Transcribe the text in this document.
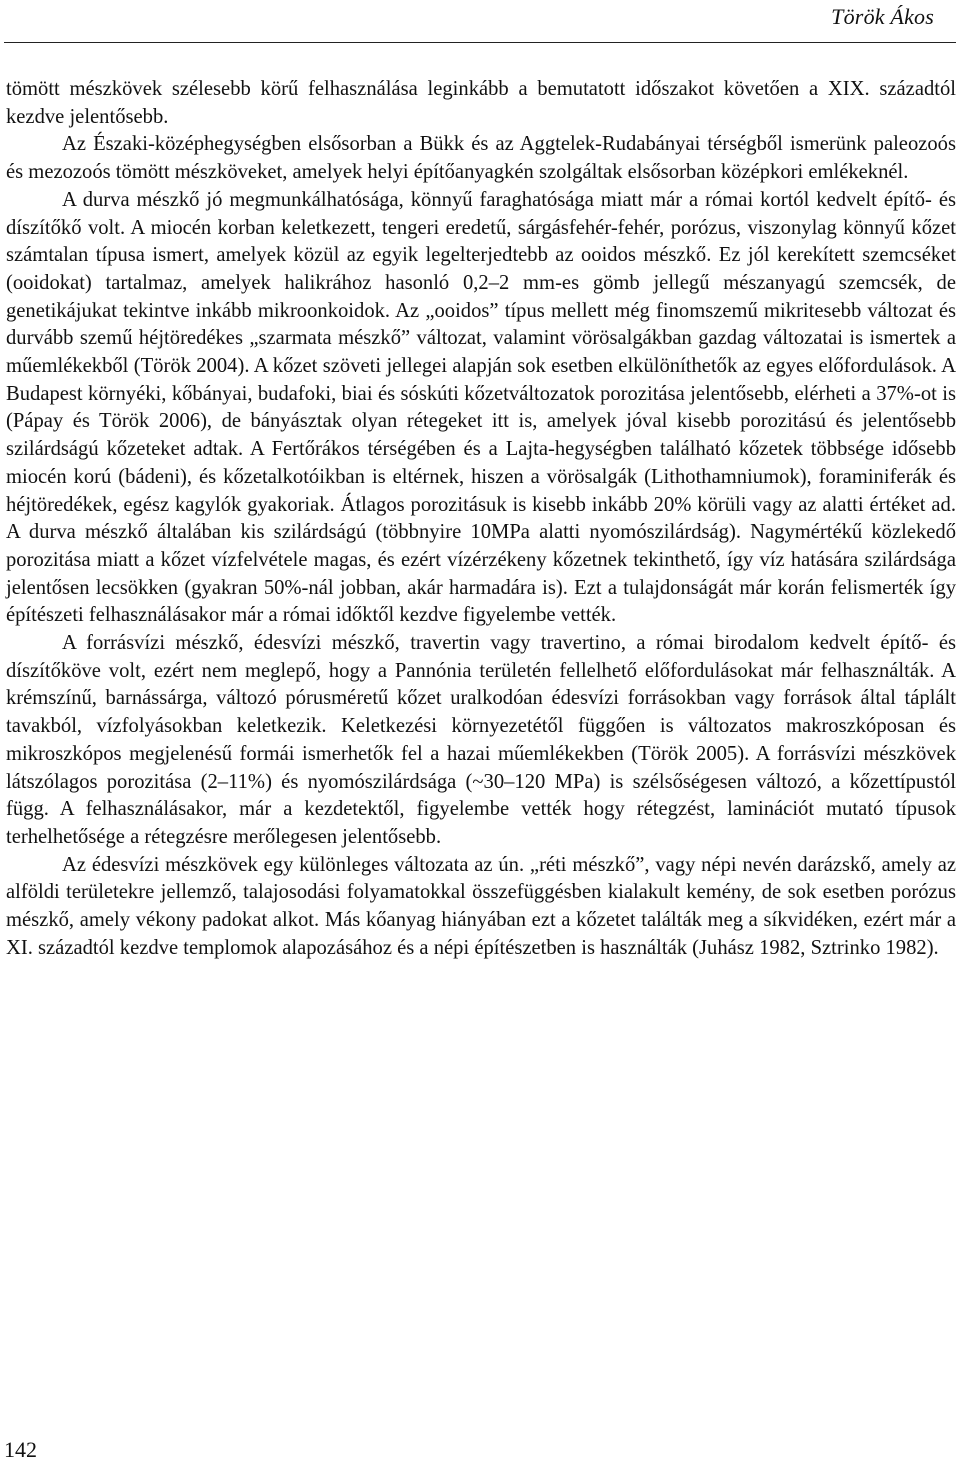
Török Ákos

tömött mészkövek szélesebb körű felhasználása leginkább a bemutatott időszakot követően a XIX. századtól kezdve jelentősebb.

Az Északi-középhegységben elsősorban a Bükk és az Aggtelek-Rudabányai térségből ismerünk paleozoós és mezozoós tömött mészköveket, amelyek helyi építőanyagkén szolgáltak elsősorban középkori emlékeknél.

A durva mészkő jó megmunkálhatósága, könnyű faraghatósága miatt már a római kortól kedvelt építő- és díszítőkő volt. A miocén korban keletkezett, tengeri eredetű, sárgásfehér-fehér, porózus, viszonylag könnyű kőzet számtalan típusa ismert, amelyek közül az egyik legelterjedtebb az ooidos mészkő. Ez jól kerekített szemcséket (ooidokat) tartalmaz, amelyek halikrához hasonló 0,2–2 mm-es gömb jellegű mészanyagú szemcsék, de genetikájukat tekintve inkább mikroonkoidok. Az „ooidos” típus mellett még finomszemű mikritesebb változat és durvább szemű héjtöredékes „szarmata mészkő” változat, valamint vörösalgákban gazdag változatai is ismertek a műemlékekből (Török 2004). A kőzet szöveti jellegei alapján sok esetben elkülöníthetők az egyes előfordulások. A Budapest környéki, kőbányai, budafoki, biai és sóskúti kőzetváltozatok porozitása jelentősebb, elérheti a 37%-ot is (Pápay és Török 2006), de bányásztak olyan rétegeket itt is, amelyek jóval kisebb porozitású és jelentősebb szilárdságú kőzeteket adtak. A Fertőrákos térségében és a Lajta-hegységben található kőzetek többsége idősebb miocén korú (bádeni), és kőzetalkotóikban is eltérnek, hiszen a vörösalgák (Lithothamniumok), foraminiferák és héjtöredékek, egész kagylók gyakoriak. Átlagos porozitásuk is kisebb inkább 20% körüli vagy az alatti értéket ad. A durva mészkő általában kis szilárdságú (többnyire 10MPa alatti nyomószilárdság). Nagymértékű közlekedő porozitása miatt a kőzet vízfelvétele magas, és ezért vízérzékeny kőzetnek tekinthető, így víz hatására szilárdsága jelentősen lecsökken (gyakran 50%-nál jobban, akár harmadára is). Ezt a tulajdonságát már korán felismerték így építészeti felhasználásakor már a római időktől kezdve figyelembe vették.

A forrásvízi mészkő, édesvízi mészkő, travertin vagy travertino, a római birodalom kedvelt építő- és díszítőköve volt, ezért nem meglepő, hogy a Pannónia területén fellelhető előfordulásokat már felhasználták. A krémszínű, barnássárga, változó pórusméretű kőzet uralkodóan édesvízi forrásokban vagy források által táplált tavakból, vízfolyásokban keletkezik. Keletkezési környezetétől függően is változatos makroszkóposan és mikroszkópos megjelenésű formái ismerhetők fel a hazai műemlékekben (Török 2005). A forrásvízi mészkövek látszólagos porozitása (2–11%) és nyomószilárdsága (~30–120 MPa) is szélsőségesen változó, a kőzettípustól függ. A felhasználásakor, már a kezdetektől, figyelembe vették hogy rétegzést, laminációt mutató típusok terhelhetősége a rétegzésre merőlegesen jelentősebb.

Az édesvízi mészkövek egy különleges változata az ún. „réti mészkő”, vagy népi nevén darázskő, amely az alföldi területekre jellemző, talajosodási folyamatokkal összefüggésben kialakult kemény, de sok esetben porózus mészkő, amely vékony padokat alkot. Más kőanyag hiányában ezt a kőzetet találták meg a síkvidéken, ezért már a XI. századtól kezdve templomok alapozásához és a népi építészetben is használták (Juhász 1982, Sztrinko 1982).

142
